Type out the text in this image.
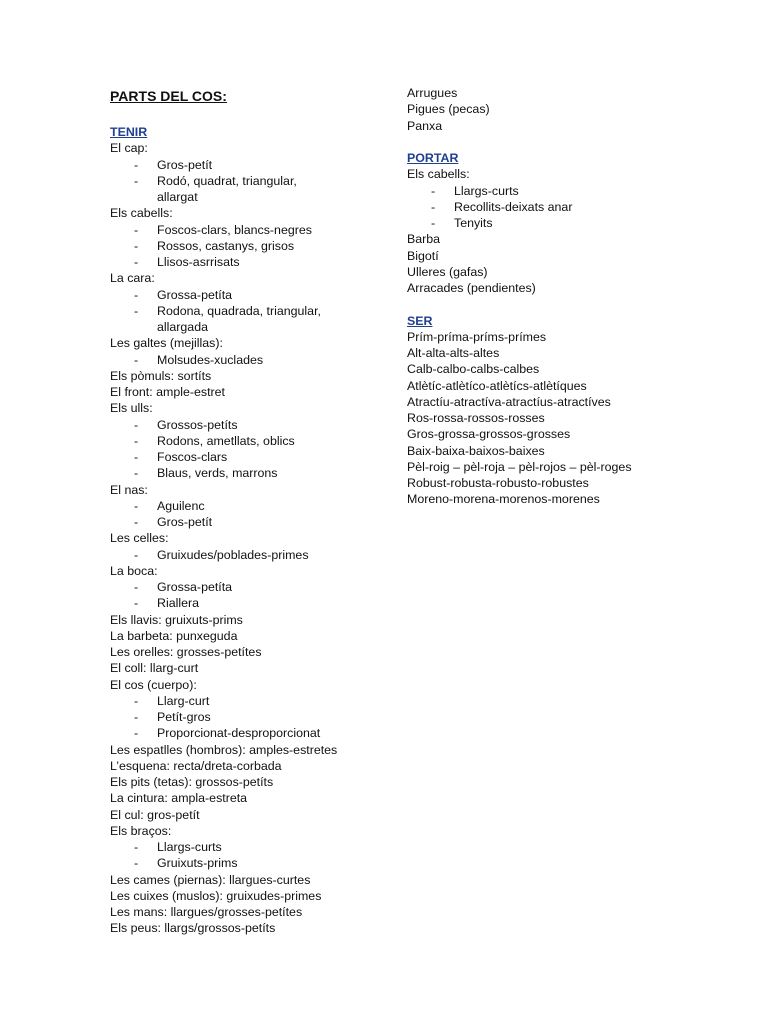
PARTS DEL COS:
TENIR
El cap:
-	Gros-petít
-	Rodó, quadrat, triangular, allargat
Els cabells:
-	Foscos-clars, blancs-negres
-	Rossos, castanys, grisos
-	Llisos-asrrisats
La cara:
-	Grossa-petíta
-	Rodona, quadrada, triangular, allargada
Les galtes (mejillas):
-	Molsudes-xuclades
Els pòmuls: sortíts
El front: ample-estret
Els ulls:
-	Grossos-petíts
-	Rodons, ametllats, oblics
-	Foscos-clars
-	Blaus, verds, marrons
El nas:
-	Aguilenc
-	Gros-petít
Les celles:
-	Gruixudes/poblades-primes
La boca:
-	Grossa-petíta
-	Riallera
Els llavis: gruixuts-prims
La barbeta: punxeguda
Les orelles: grosses-petítes
El coll: llarg-curt
El cos (cuerpo):
-	Llarg-curt
-	Petít-gros
-	Proporcionat-desproporcionat
Les espatlles (hombros): amples-estretes
L’esquena: recta/dreta-corbada
Els pits (tetas): grossos-petíts
La cintura: ampla-estreta
El cul: gros-petít
Els braços:
-	Llargs-curts
-	Gruixuts-prims
Les cames (piernas): llargues-curtes
Les cuixes (muslos): gruixudes-primes
Les mans: llargues/grosses-petítes
Els peus: llargs/grossos-petíts
Arrugues
Pigues (pecas)
Panxa
PORTAR
Els cabells:
-	Llargs-curts
-	Recollits-deixats anar
-	Tenyits
Barba
Bigotí
Ulleres (gafas)
Arracades (pendientes)
SER
Prím-príma-príms-prímes
Alt-alta-alts-altes
Calb-calbo-calbs-calbes
Atlètíc-atlètíco-atlètícs-atlètíques
Atractíu-atractíva-atractíus-atractíves
Ros-rossa-rossos-rosses
Gros-grossa-grossos-grosses
Baix-baixa-baixos-baixes
Pèl-roig – pèl-roja – pèl-rojos – pèl-roges
Robust-robusta-robusto-robustes
Moreno-morena-morenos-morenes
